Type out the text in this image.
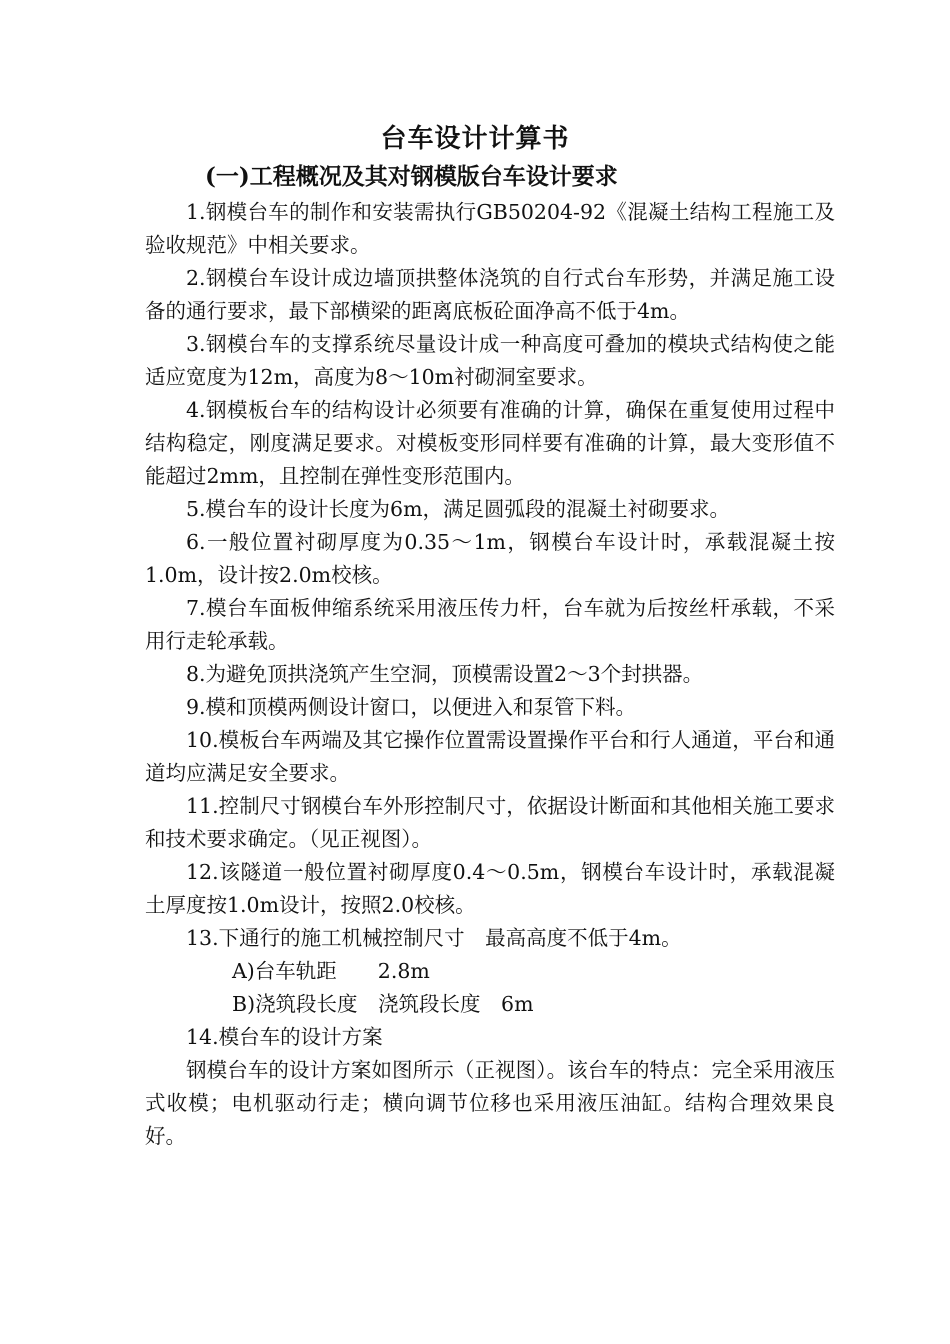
台车设计计算书
(一)工程概况及其对钢模版台车设计要求

1.钢模台车的制作和安装需执行GB50204-92《混凝土结构工程施工及验收规范》中相关要求。

2.钢模台车设计成边墙顶拱整体浇筑的自行式台车形势，并满足施工设备的通行要求，最下部横梁的距离底板砼面净高不低于4m。

3.钢模台车的支撑系统尽量设计成一种高度可叠加的模块式结构使之能适应宽度为12m，高度为8～10m衬砌洞室要求。

4.钢模板台车的结构设计必须要有准确的计算，确保在重复使用过程中结构稳定，刚度满足要求。对模板变形同样要有准确的计算，最大变形值不能超过2mm，且控制在弹性变形范围内。

5.模台车的设计长度为6m，满足圆弧段的混凝土衬砌要求。

6.一般位置衬砌厚度为0.35～1m，钢模台车设计时，承载混凝土按1.0m，设计按2.0m校核。

7.模台车面板伸缩系统采用液压传力杆，台车就为后按丝杆承载，不采用行走轮承载。

8.为避免顶拱浇筑产生空洞，顶模需设置2～3个封拱器。

9.模和顶模两侧设计窗口，以便进入和泵管下料。

10.模板台车两端及其它操作位置需设置操作平台和行人通道，平台和通道均应满足安全要求。

11.控制尺寸钢模台车外形控制尺寸，依据设计断面和其他相关施工要求和技术要求确定。（见正视图）。

12.该隧道一般位置衬砌厚度0.4～0.5m，钢模台车设计时，承载混凝土厚度按1.0m设计，按照2.0校核。

13.下通行的施工机械控制尺寸　最高高度不低于4m。

A)台车轨距　　2.8m

B)浇筑段长度　浇筑段长度　6m

14.模台车的设计方案

钢模台车的设计方案如图所示（正视图）。该台车的特点：完全采用液压式收模；电机驱动行走；横向调节位移也采用液压油缸。结构合理效果良好。
